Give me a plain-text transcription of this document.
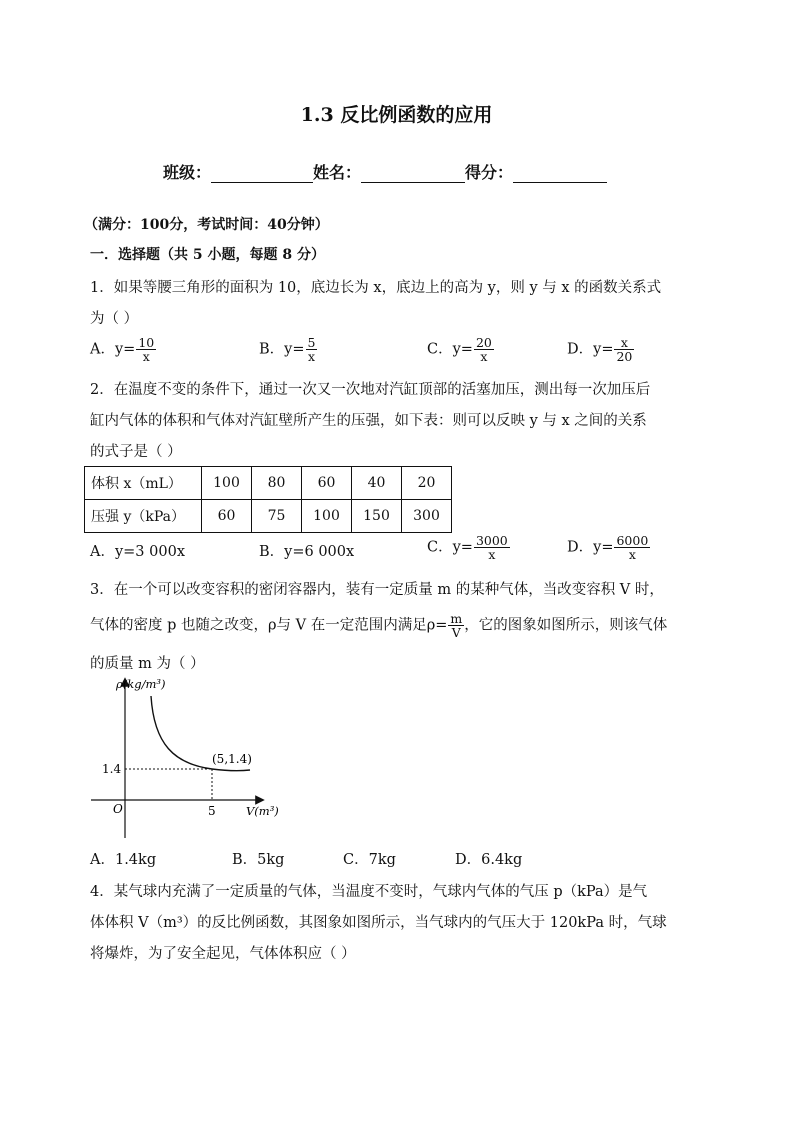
1.3 反比例函数的应用
班级：	姓名：	得分：
（满分：100分，考试时间：40分钟）
一．选择题（共 5 小题，每题 8 分）
1．如果等腰三角形的面积为 10，底边长为 x，底边上的高为 y，则 y 与 x 的函数关系式
为（ ）
A．$y= \frac{10}{x}$	B．$y= \frac{5}{x}$	C．$y= \frac{20}{x}$	D．$y= \frac{x}{20}$
2．在温度不变的条件下，通过一次又一次地对汽缸顶部的活塞加压，测出每一次加压后
缸内气体的体积和气体对汽缸壁所产生的压强，如下表：则可以反映 y 与 x 之间的关系
的式子是（ ）
体积 x（mL）	100	80	60	40	20
压强 y（kPa）	60	75	100	150	300
A．y=3 000x	B．y=6 000x	C．$y= \frac{3000}{x}$	D．$y= \frac{6000}{x}$
3．在一个可以改变容积的密闭容器内，装有一定质量 m 的某种气体，当改变容积 V 时，
气体的密度 p 也随之改变，ρ与 V 在一定范围内满足$\rho= \frac{m}{V}$ ，它的图象如图所示，则该气体
的质量 m 为（ ）
ρ(kg/m³)
V(m³)
O
1.4
5
(5,1.4)
A．1.4kg	B．5kg	C．7kg	D．6.4kg
4．某气球内充满了一定质量的气体，当温度不变时，气球内气体的气压 p（kPa）是气
体体积 V（m³）的反比例函数，其图象如图所示，当气球内的气压大于 120kPa 时，气球
将爆炸，为了安全起见，气体体积应（ ）
